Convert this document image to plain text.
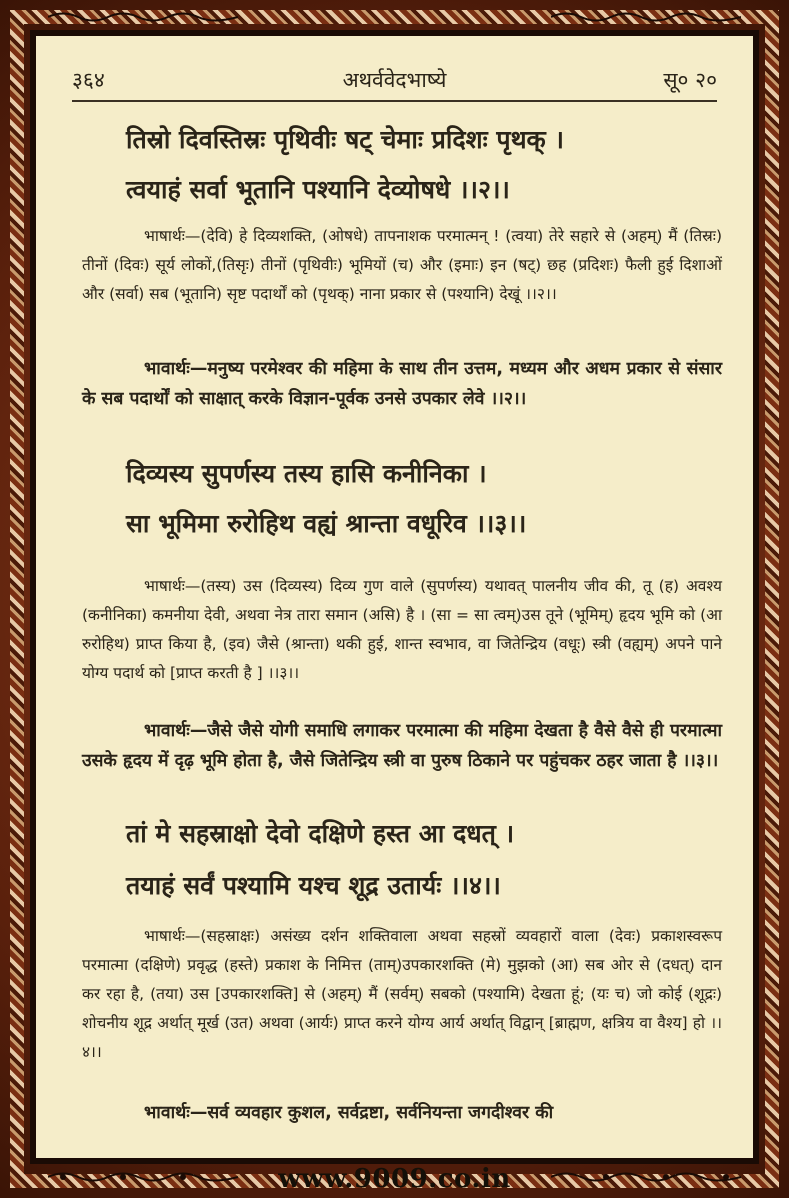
३६४	अथर्ववेदभाष्ये	सू० २०
तिस्रो दिवस्तिस्रः पृथिवीः षट् चेमाः प्रदिशः पृथक् ।
त्वयाहं सर्वा भूतानि पश्यानि देव्योषधे ।।२।।

भाषार्थः—(देवि) हे दिव्यशक्ति, (ओषधे) तापनाशक परमात्मन् ! (त्वया) तेरे सहारे से (अहम्) मैं (तिस्रः) तीनों (दिवः) सूर्य लोकों,(तिसृः) तीनों (पृथिवीः) भूमियों (च) और (इमाः) इन (षट्) छह (प्रदिशः) फैली हुई दिशाओं और (सर्वा) सब (भूतानि) सृष्ट पदार्थों को (पृथक्) नाना प्रकार से (पश्यानि) देखूं ।।२।।

भावार्थः—मनुष्य परमेश्वर की महिमा के साथ तीन उत्तम, मध्यम और अधम प्रकार से संसार के सब पदार्थों को साक्षात् करके विज्ञान-पूर्वक उनसे उपकार लेवे ।।२।।

दिव्यस्य सुपर्णस्य तस्य हासि कनीनिका ।
सा भूमिमा रुरोहिथ वह्यं श्रान्ता वधूरिव ।।३।।

भाषार्थः—(तस्य) उस (दिव्यस्य) दिव्य गुण वाले (सुपर्णस्य) यथावत् पालनीय जीव की, तू (ह) अवश्य (कनीनिका) कमनीया देवी, अथवा नेत्र तारा समान (असि) है । (सा = सा त्वम्)उस तूने (भूमिम्) हृदय भूमि को (आ रुरोहिथ) प्राप्त किया है, (इव) जैसे (श्रान्ता) थकी हुई, शान्त स्वभाव, वा जितेन्द्रिय (वधूः) स्त्री (वह्यम्) अपने पाने योग्य पदार्थ को [प्राप्त करती है ] ।।३।।

भावार्थः—जैसे जैसे योगी समाधि लगाकर परमात्मा की महिमा देखता है वैसे वैसे ही परमात्मा उसके हृदय में दृढ़ भूमि होता है, जैसे जितेन्द्रिय स्त्री वा पुरुष ठिकाने पर पहुंचकर ठहर जाता है ।।३।।

तां मे सहस्राक्षो देवो दक्षिणे हस्त आ दधत् ।
तयाहं सर्वं पश्यामि यश्च शूद्र उतार्यः ।।४।।

भाषार्थः—(सहस्राक्षः) असंख्य दर्शन शक्तिवाला अथवा सहस्रों व्यवहारों वाला (देवः) प्रकाशस्वरूप परमात्मा (दक्षिणे) प्रवृद्ध (हस्ते) प्रकाश के निमित्त (ताम्)उपकारशक्ति (मे) मुझको (आ) सब ओर से (दधत्) दान कर रहा है, (तया) उस [उपकारशक्ति] से (अहम्) मैं (सर्वम्) सबको (पश्यामि) देखता हूं; (यः च) जो कोई (शूद्रः) शोचनीय शूद्र अर्थात् मूर्ख (उत) अथवा (आर्यः) प्राप्त करने योग्य आर्य अर्थात् विद्वान् [ब्राह्मण, क्षत्रिय वा वैश्य] हो ।।४।।

भावार्थः—सर्व व्यवहार कुशल, सर्वद्रष्टा, सर्वनियन्ता जगदीश्वर की

www.9009.co.in
